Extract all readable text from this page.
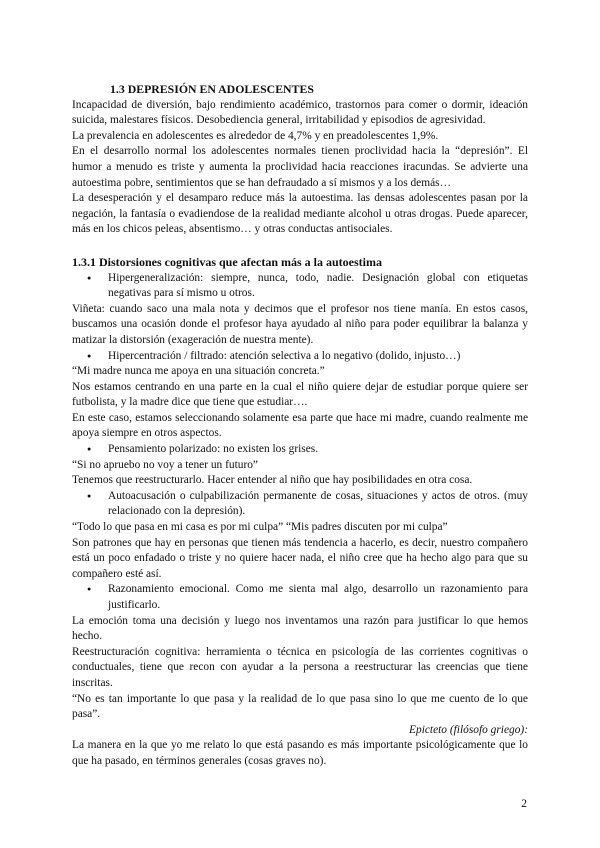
1.3 DEPRESIÓN EN ADOLESCENTES
Incapacidad de diversión, bajo rendimiento académico, trastornos para comer o dormir, ideación suicida, malestares físicos. Desobediencia general, irritabilidad y episodios de agresividad.
La prevalencia en adolescentes es alrededor de 4,7% y en preadolescentes 1,9%.
En el desarrollo normal los adolescentes normales tienen proclividad hacia la “depresión”. El humor a menudo es triste y aumenta la proclividad hacia reacciones iracundas. Se advierte una autoestima pobre, sentimientos que se han defraudado a sí mismos y a los demás…
La desesperación y el desamparo reduce más la autoestima. las densas adolescentes pasan por la negación, la fantasía o evadiendose de la realidad mediante alcohol u otras drogas. Puede aparecer, más en los chicos peleas, absentismo… y otras conductas antisociales.
1.3.1 Distorsiones cognitivas que afectan más a la autoestima
● Hipergeneralización: siempre, nunca, todo, nadie. Designación global con etiquetas negativas para sí mismo u otros.
Viñeta: cuando saco una mala nota y decimos que el profesor nos tiene manía. En estos casos, buscamos una ocasión donde el profesor haya ayudado al niño para poder equilibrar la balanza y matizar la distorsión (exageración de nuestra mente).
● Hipercentración / filtrado: atención selectiva a lo negativo (dolido, injusto…)
“Mi madre nunca me apoya en una situación concreta.”
Nos estamos centrando en una parte en la cual el niño quiere dejar de estudiar porque quiere ser futbolista, y la madre dice que tiene que estudiar….
En este caso, estamos seleccionando solamente esa parte que hace mi madre, cuando realmente me apoya siempre en otros aspectos.
● Pensamiento polarizado: no existen los grises.
“Si no apruebo no voy a tener un futuro”
Tenemos que reestructurarlo. Hacer entender al niño que hay posibilidades en otra cosa.
● Autoacusación o culpabilización permanente de cosas, situaciones y actos de otros. (muy relacionado con la depresión).
“Todo lo que pasa en mi casa es por mi culpa” “Mis padres discuten por mi culpa”
Son patrones que hay en personas que tienen más tendencia a hacerlo, es decir, nuestro compañero está un poco enfadado o triste y no quiere hacer nada, el niño cree que ha hecho algo para que su compañero esté así.
● Razonamiento emocional. Como me sienta mal algo, desarrollo un razonamiento para justificarlo.
La emoción toma una decisión y luego nos inventamos una razón para justificar lo que hemos hecho.
Reestructuración cognitiva: herramienta o técnica en psicología de las corrientes cognitivas o conductuales, tiene que recon con ayudar a la persona a reestructurar las creencias que tiene inscritas.
“No es tan importante lo que pasa y la realidad de lo que pasa sino lo que me cuento de lo que pasa”.
Epicteto (filósofo griego):
La manera en la que yo me relato lo que está pasando es más importante psicológicamente que lo que ha pasado, en términos generales (cosas graves no).
2
